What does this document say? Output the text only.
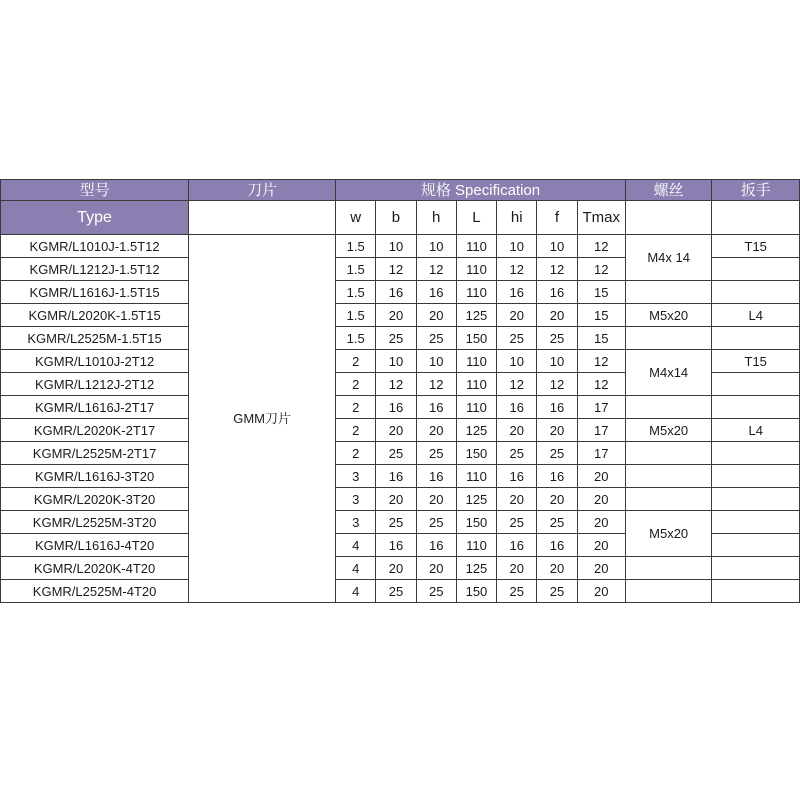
型号	刀片	规格 Specification							螺丝	扳手
Type		w	b	h	L	hi	f	Tmax		
KGMR/L1010J-1.5T12	GMM刀片	1.5	10	10	110	10	10	12	M4x 14	T15
KGMR/L1212J-1.5T12		1.5	12	12	110	12	12	12		
KGMR/L1616J-1.5T15		1.5	16	16	110	16	16	15		
KGMR/L2020K-1.5T15		1.5	20	20	125	20	20	15	M5x20	L4
KGMR/L2525M-1.5T15		1.5	25	25	150	25	25	15		
KGMR/L1010J-2T12		2	10	10	110	10	10	12	M4x14	T15
KGMR/L1212J-2T12		2	12	12	110	12	12	12		
KGMR/L1616J-2T17		2	16	16	110	16	16	17		
KGMR/L2020K-2T17		2	20	20	125	20	20	17	M5x20	L4
KGMR/L2525M-2T17		2	25	25	150	25	25	17		
KGMR/L1616J-3T20		3	16	16	110	16	16	20		
KGMR/L2020K-3T20		3	20	20	125	20	20	20		
KGMR/L2525M-3T20		3	25	25	150	25	25	20	M5x20	
KGMR/L1616J-4T20		4	16	16	110	16	16	20		
KGMR/L2020K-4T20		4	20	20	125	20	20	20		
KGMR/L2525M-4T20		4	25	25	150	25	25	20		
